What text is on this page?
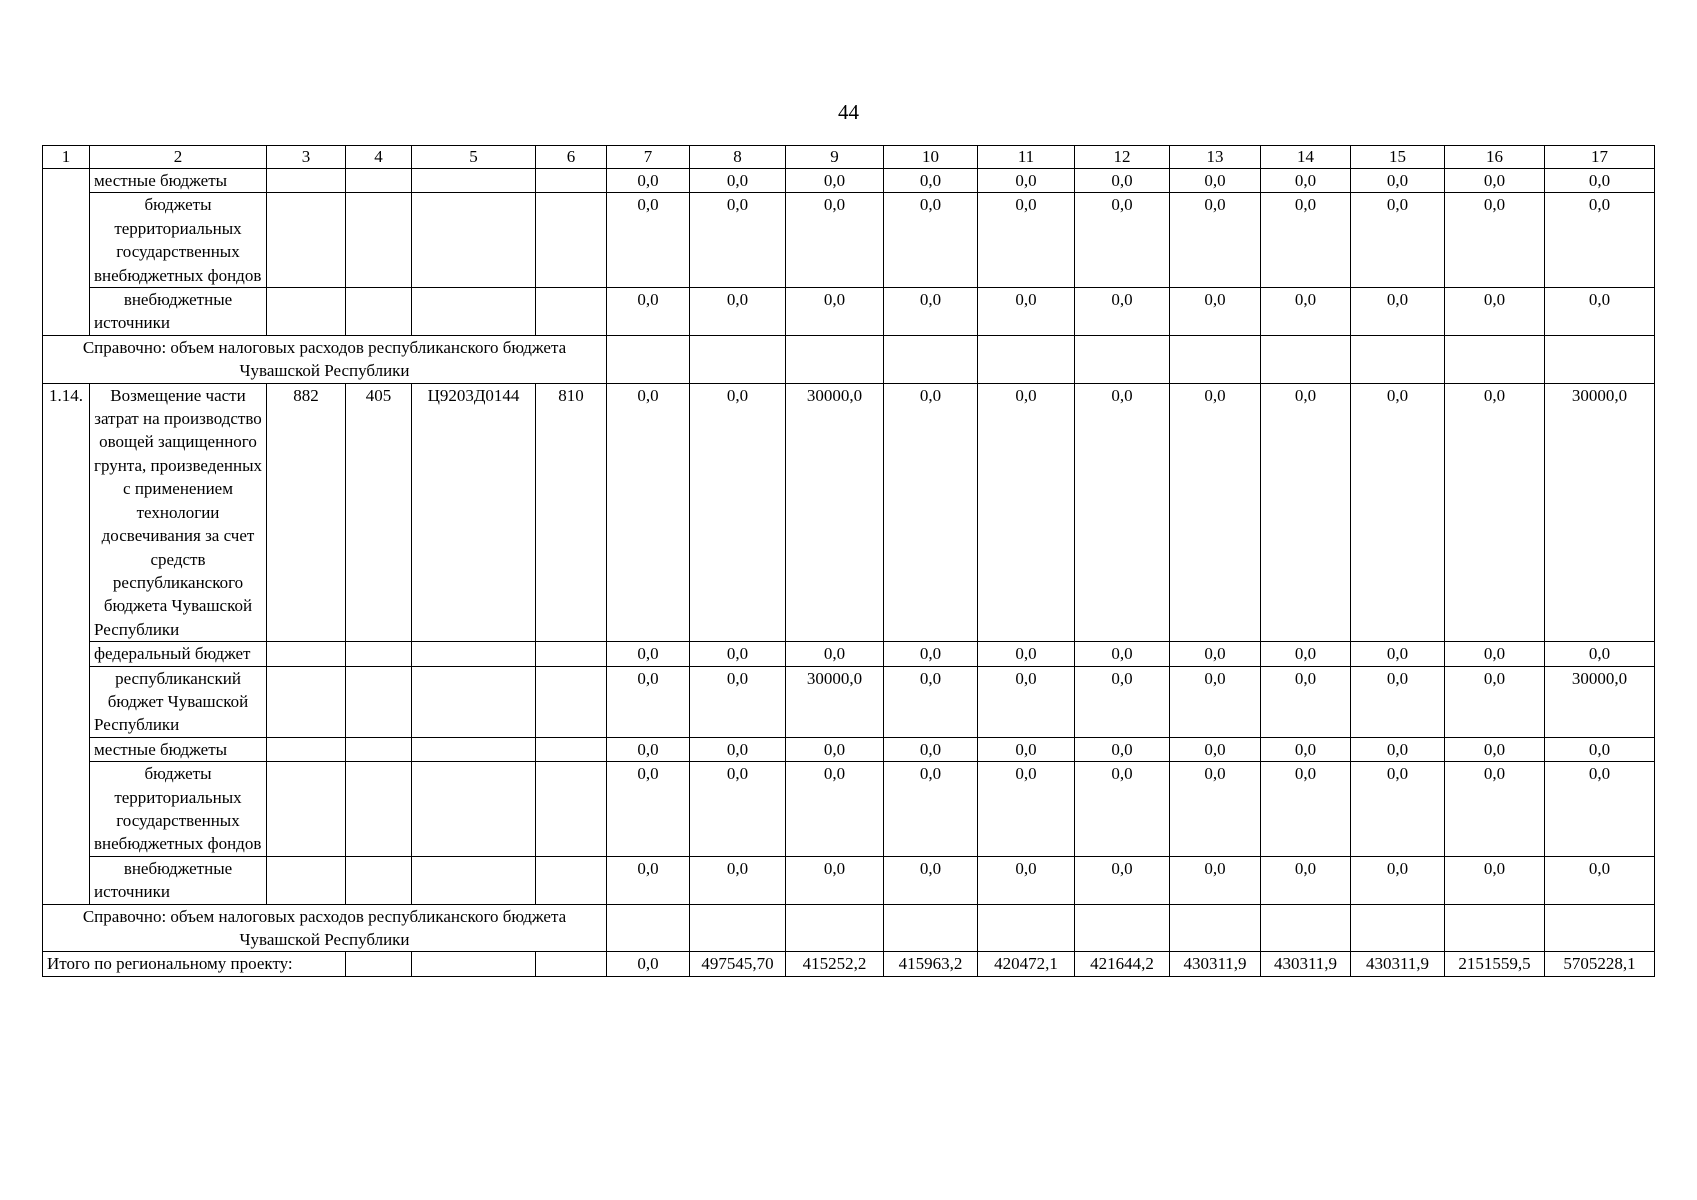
44
1	2	3	4	5	6	7	8	9	10	11	12	13	14	15	16	17
	местные бюджеты					0,0	0,0	0,0	0,0	0,0	0,0	0,0	0,0	0,0	0,0	0,0
	бюджеты территориальных государственных внебюджетных фондов					0,0	0,0	0,0	0,0	0,0	0,0	0,0	0,0	0,0	0,0	0,0
	внебюджетные источники					0,0	0,0	0,0	0,0	0,0	0,0	0,0	0,0	0,0	0,0	0,0
Справочно: объем налоговых расходов республиканского бюджета Чувашской Республики																
1.14.	Возмещение части затрат на производство овощей защищенного грунта, произведенных с применением технологии досвечивания за счет средств республиканского бюджета Чувашской Республики	882	405	Ц9203Д0144	810	0,0	0,0	30000,0	0,0	0,0	0,0	0,0	0,0	0,0	0,0	30000,0
	федеральный бюджет					0,0	0,0	0,0	0,0	0,0	0,0	0,0	0,0	0,0	0,0	0,0
	республиканский бюджет Чувашской Республики					0,0	0,0	30000,0	0,0	0,0	0,0	0,0	0,0	0,0	0,0	30000,0
	местные бюджеты					0,0	0,0	0,0	0,0	0,0	0,0	0,0	0,0	0,0	0,0	0,0
	бюджеты территориальных государственных внебюджетных фондов					0,0	0,0	0,0	0,0	0,0	0,0	0,0	0,0	0,0	0,0	0,0
	внебюджетные источники					0,0	0,0	0,0	0,0	0,0	0,0	0,0	0,0	0,0	0,0	0,0
Справочно: объем налоговых расходов республиканского бюджета Чувашской Республики																
Итого по региональному проекту:						0,0	497545,70	415252,2	415963,2	420472,1	421644,2	430311,9	430311,9	430311,9	2151559,5	5705228,1
